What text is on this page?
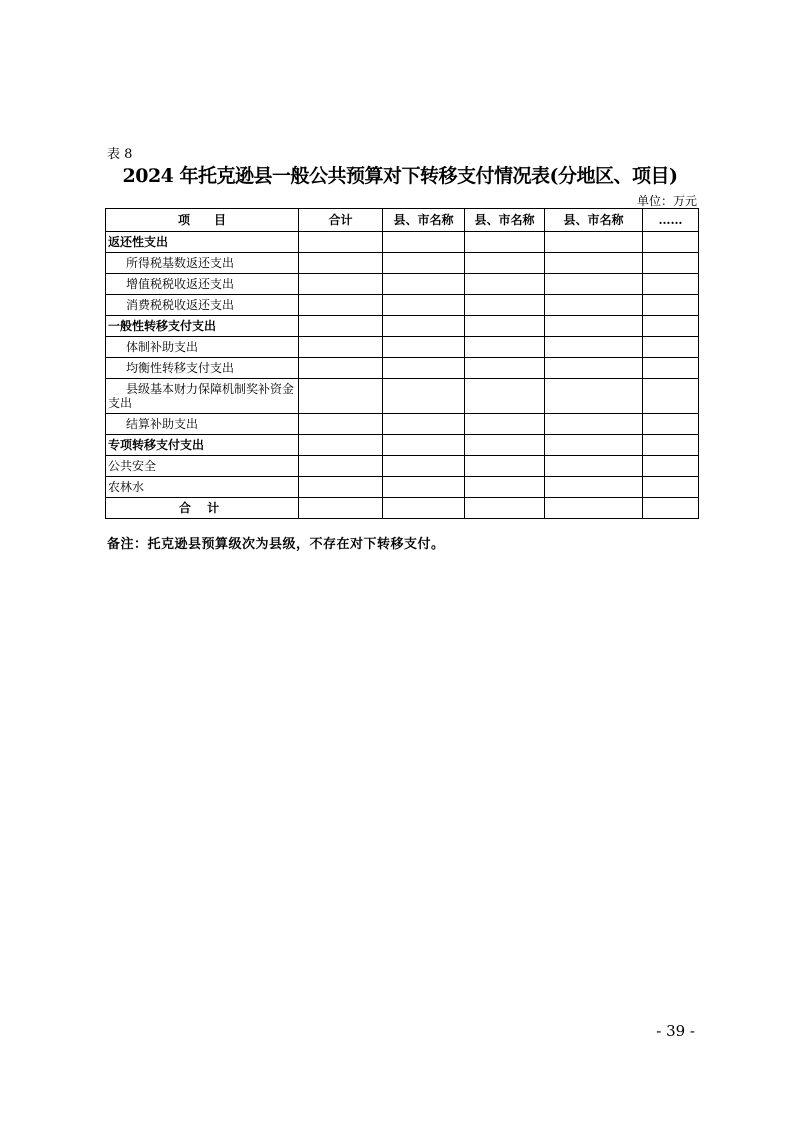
表 8
2024 年托克逊县一般公共预算对下转移支付情况表(分地区、项目)
单位：万元
项　　目	合计	县、市名称	县、市名称	县、市名称	……
返还性支出					
所得税基数返还支出					
增值税税收返还支出					
消费税税收返还支出					
一般性转移支付支出					
体制补助支出					
均衡性转移支付支出					
县级基本财力保障机制奖补资金支出					
结算补助支出					
专项转移支付支出					
公共安全					
农林水					
合 计					
备注：托克逊县预算级次为县级，不存在对下转移支付。
- 39 -
